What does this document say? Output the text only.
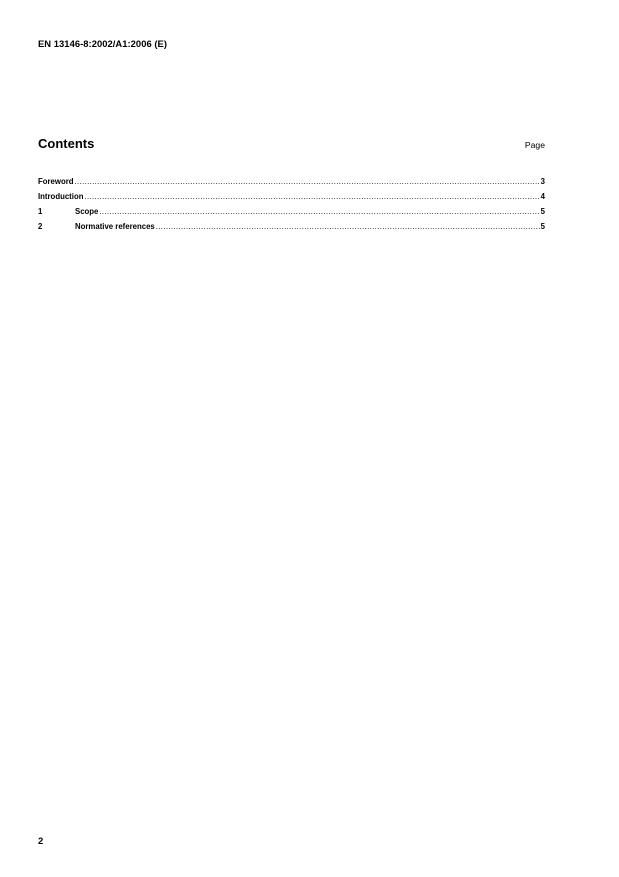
EN 13146-8:2002/A1:2006 (E)
Contents	Page
Foreword .....	3
Introduction .....	4
1	Scope .....	5
2	Normative references .....	5
2
